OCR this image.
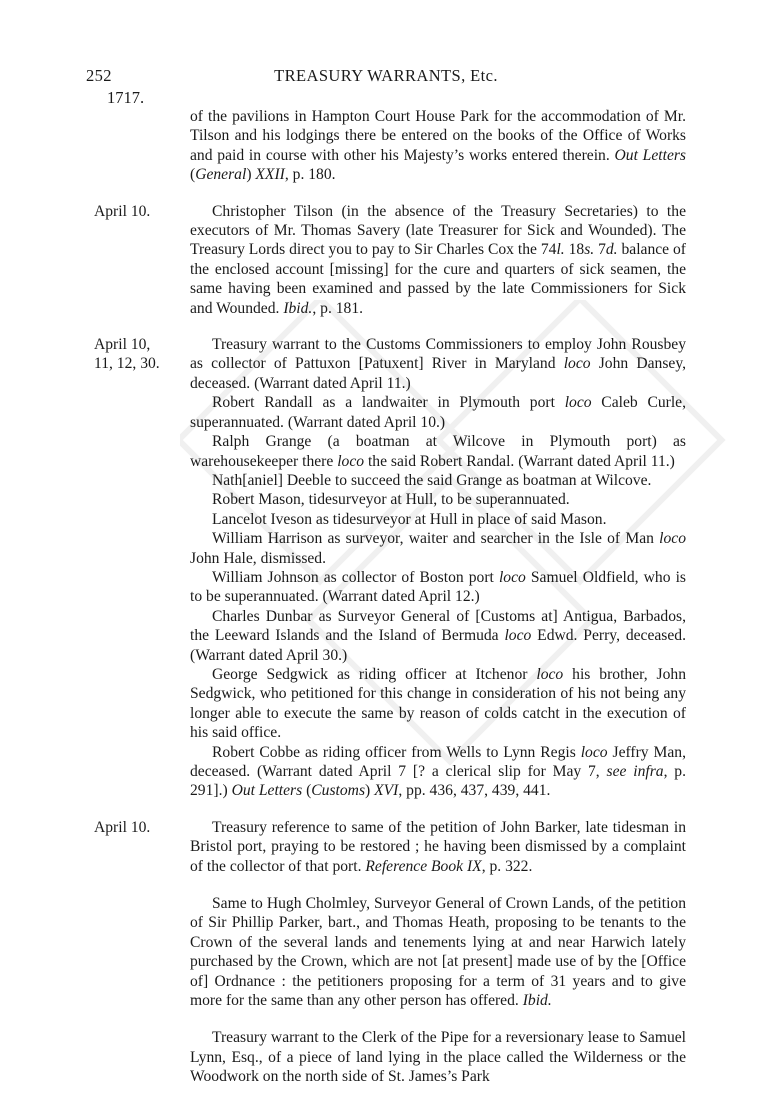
252	TREASURY WARRANTS, Etc.
1717.

of the pavilions in Hampton Court House Park for the accommodation of Mr. Tilson and his lodgings there be entered on the books of the Office of Works and paid in course with other his Majesty’s works entered therein. Out Letters (General) XXII, p. 180.

April 10.	Christopher Tilson (in the absence of the Treasury Secretaries) to the executors of Mr. Thomas Savery (late Treasurer for Sick and Wounded). The Treasury Lords direct you to pay to Sir Charles Cox the 74l. 18s. 7d. balance of the enclosed account [missing] for the cure and quarters of sick seamen, the same having been examined and passed by the late Commissioners for Sick and Wounded. Ibid., p. 181.

April 10,
11, 12, 30.

Treasury warrant to the Customs Commissioners to employ John Rousbey as collector of Pattuxon [Patuxent] River in Maryland loco John Dansey, deceased. (Warrant dated April 11.)

Robert Randall as a landwaiter in Plymouth port loco Caleb Curle, superannuated. (Warrant dated April 10.)

Ralph Grange (a boatman at Wilcove in Plymouth port) as warehousekeeper there loco the said Robert Randal. (Warrant dated April 11.)

Nath[aniel] Deeble to succeed the said Grange as boatman at Wilcove.

Robert Mason, tidesurveyor at Hull, to be superannuated.

Lancelot Iveson as tidesurveyor at Hull in place of said Mason.

William Harrison as surveyor, waiter and searcher in the Isle of Man loco John Hale, dismissed.

William Johnson as collector of Boston port loco Samuel Oldfield, who is to be superannuated. (Warrant dated April 12.)

Charles Dunbar as Surveyor General of [Customs at] Antigua, Barbados, the Leeward Islands and the Island of Bermuda loco Edwd. Perry, deceased. (Warrant dated April 30.)

George Sedgwick as riding officer at Itchenor loco his brother, John Sedgwick, who petitioned for this change in consideration of his not being any longer able to execute the same by reason of colds catcht in the execution of his said office.

Robert Cobbe as riding officer from Wells to Lynn Regis loco Jeffry Man, deceased. (Warrant dated April 7 [? a clerical slip for May 7, see infra, p. 291].) Out Letters (Customs) XVI, pp. 436, 437, 439, 441.

April 10.	Treasury reference to same of the petition of John Barker, late tidesman in Bristol port, praying to be restored ; he having been dismissed by a complaint of the collector of that port. Reference Book IX, p. 322.

Same to Hugh Cholmley, Surveyor General of Crown Lands, of the petition of Sir Phillip Parker, bart., and Thomas Heath, proposing to be tenants to the Crown of the several lands and tenements lying at and near Harwich lately purchased by the Crown, which are not [at present] made use of by the [Office of] Ordnance : the petitioners proposing for a term of 31 years and to give more for the same than any other person has offered. Ibid.

Treasury warrant to the Clerk of the Pipe for a reversionary lease to Samuel Lynn, Esq., of a piece of land lying in the place called the Wilderness or the Woodwork on the north side of St. James’s Park
